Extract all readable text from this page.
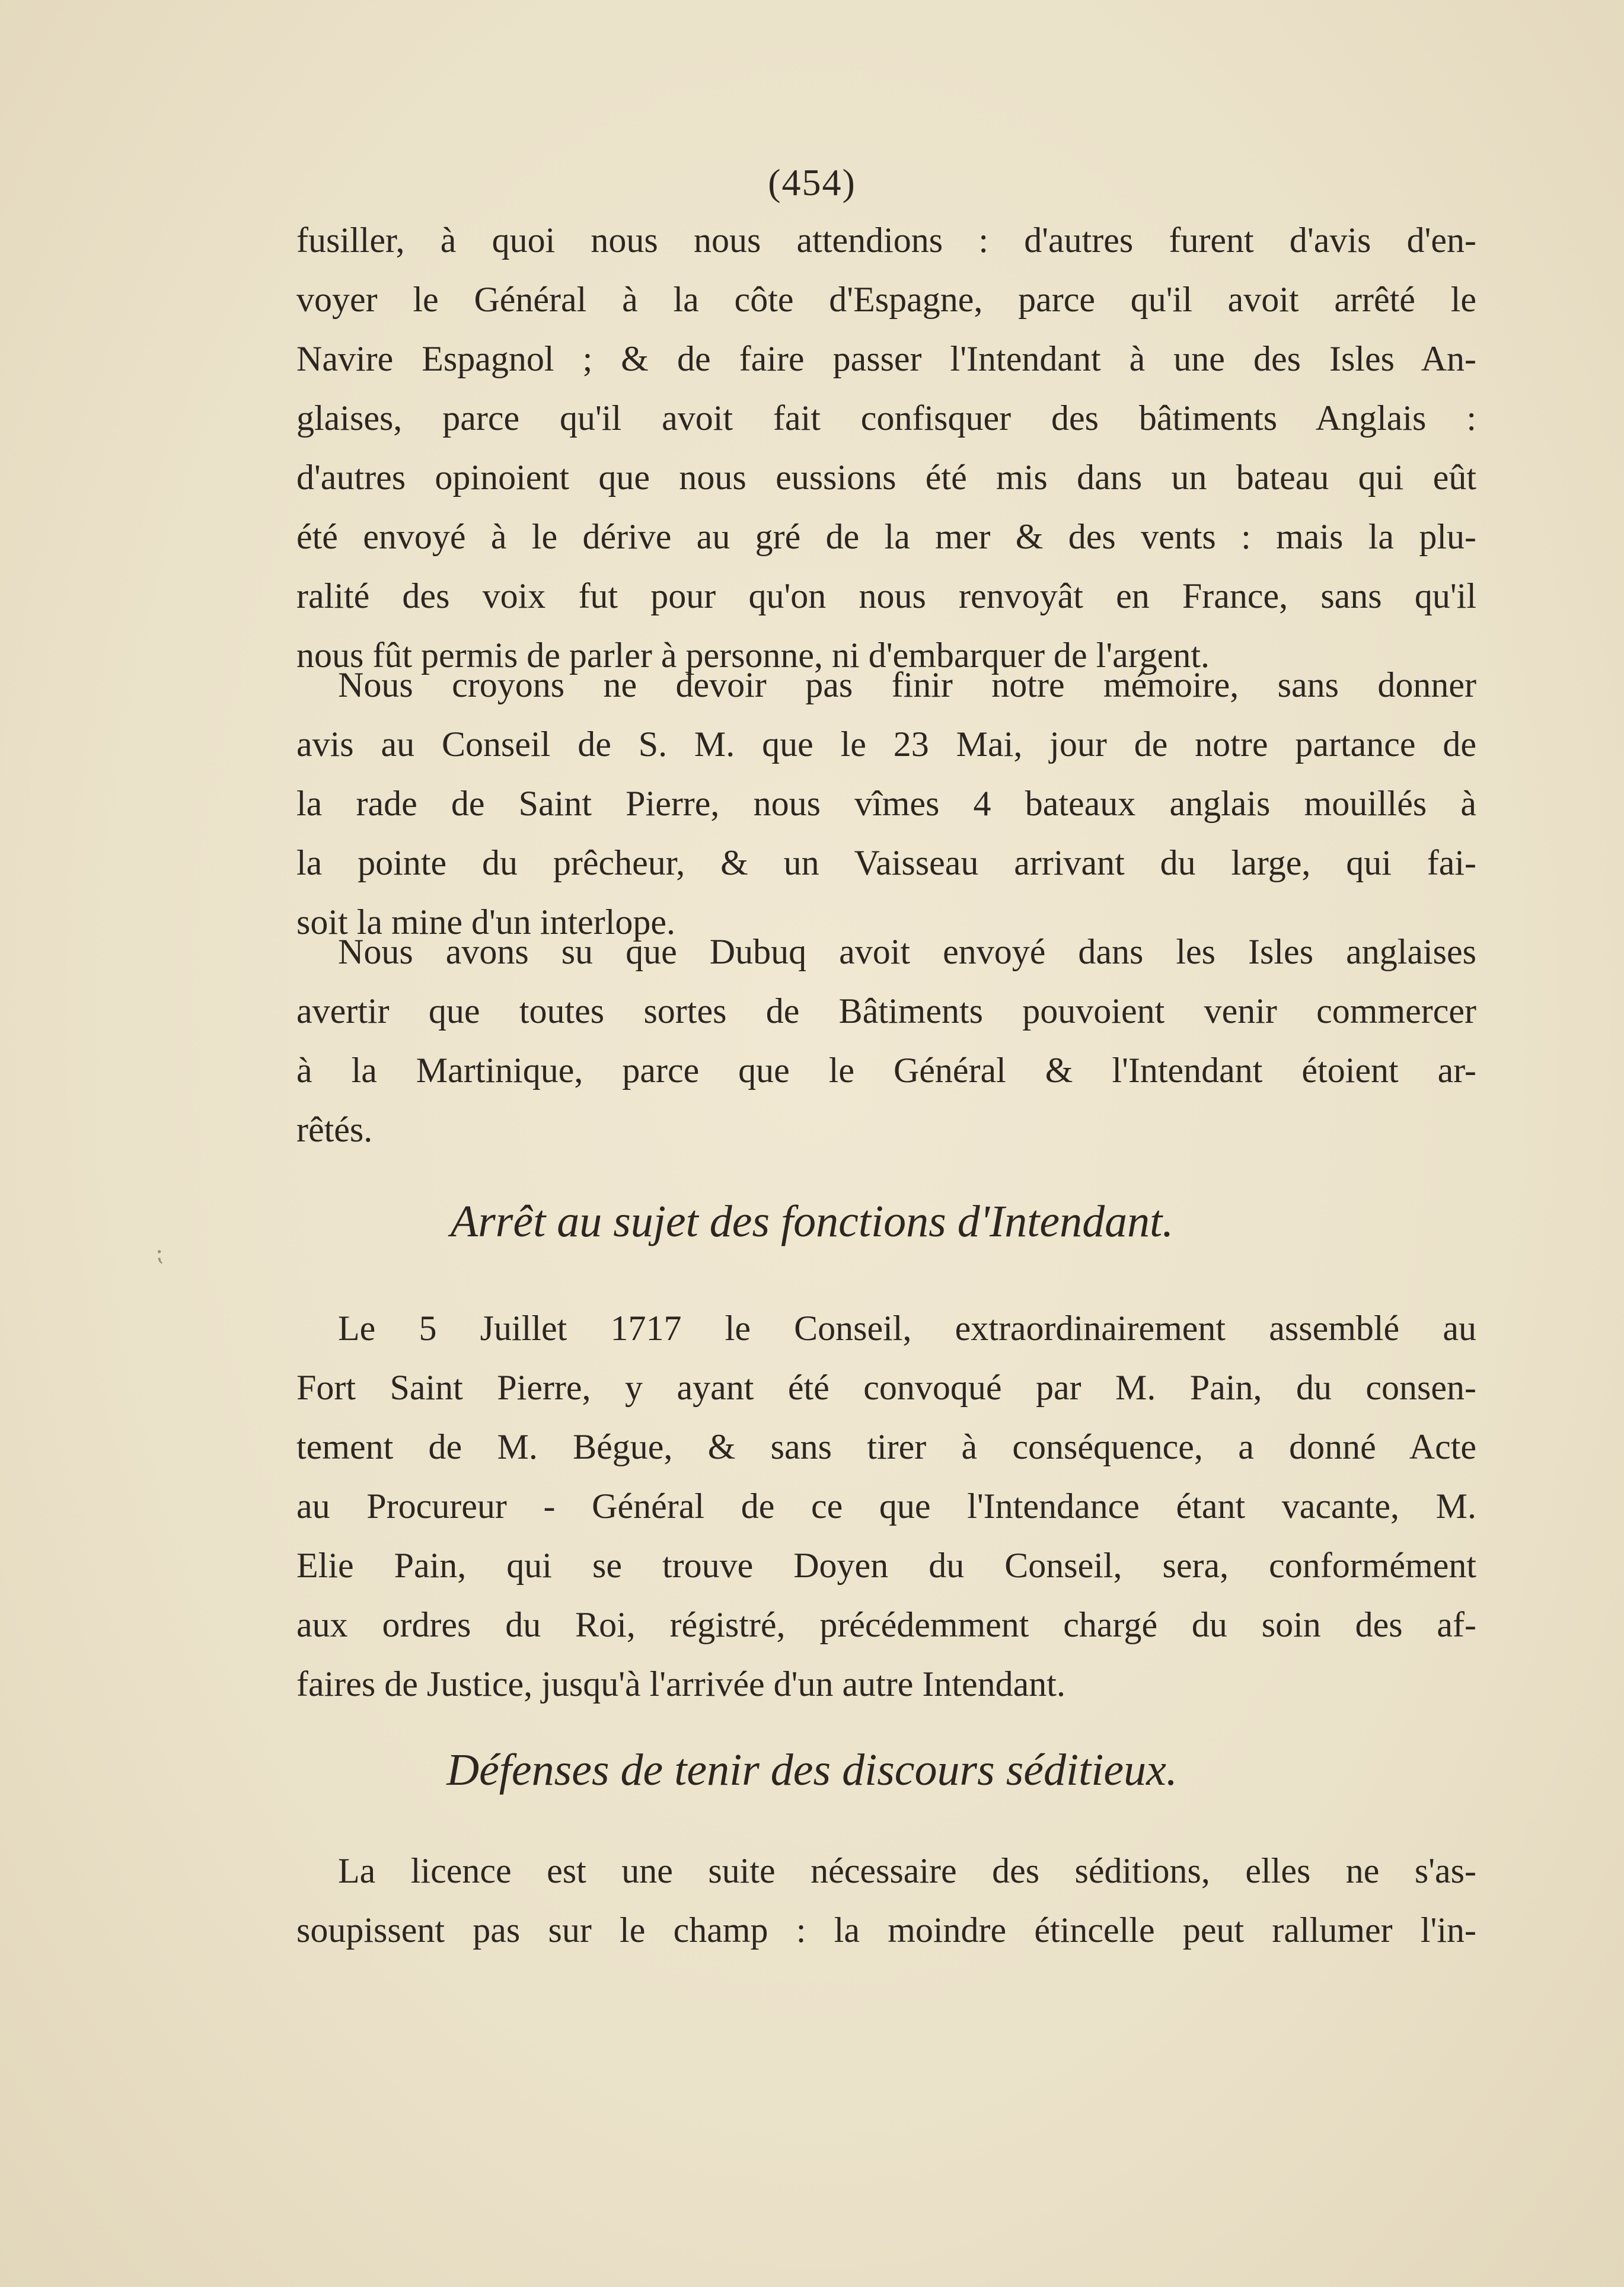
(454)
fusiller, à quoi nous nous attendions : d'autres furent d'avis d'en-
voyer le Général à la côte d'Espagne, parce qu'il avoit arrêté le
Navire Espagnol ; & de faire passer l'Intendant à une des Isles An-
glaises, parce qu'il avoit fait confisquer des bâtiments Anglais :
d'autres opinoient que nous eussions été mis dans un bateau qui eût
été envoyé à le dérive au gré de la mer & des vents : mais la plu-
ralité des voix fut pour qu'on nous renvoyât en France, sans qu'il
nous fût permis de parler à personne, ni d'embarquer de l'argent.
Nous croyons ne devoir pas finir notre mémoire, sans donner
avis au Conseil de S. M. que le 23 Mai, jour de notre partance de
la rade de Saint Pierre, nous vîmes 4 bateaux anglais mouillés à
la pointe du prêcheur, & un Vaisseau arrivant du large, qui fai-
soit la mine d'un interlope.
Nous avons su que Dubuq avoit envoyé dans les Isles anglaises
avertir que toutes sortes de Bâtiments pouvoient venir commercer
à la Martinique, parce que le Général & l'Intendant étoient ar-
rêtés.
Arrêt au sujet des fonctions d'Intendant.
⁏
Le 5 Juillet 1717 le Conseil, extraordinairement assemblé au
Fort Saint Pierre, y ayant été convoqué par M. Pain, du consen-
tement de M. Bégue, & sans tirer à conséquence, a donné Acte
au Procureur - Général de ce que l'Intendance étant vacante, M.
Elie Pain, qui se trouve Doyen du Conseil, sera, conformément
aux ordres du Roi, régistré, précédemment chargé du soin des af-
faires de Justice, jusqu'à l'arrivée d'un autre Intendant.
Défenses de tenir des discours séditieux.
La licence est une suite nécessaire des séditions, elles ne s'as-
soupissent pas sur le champ : la moindre étincelle peut rallumer l'in-
